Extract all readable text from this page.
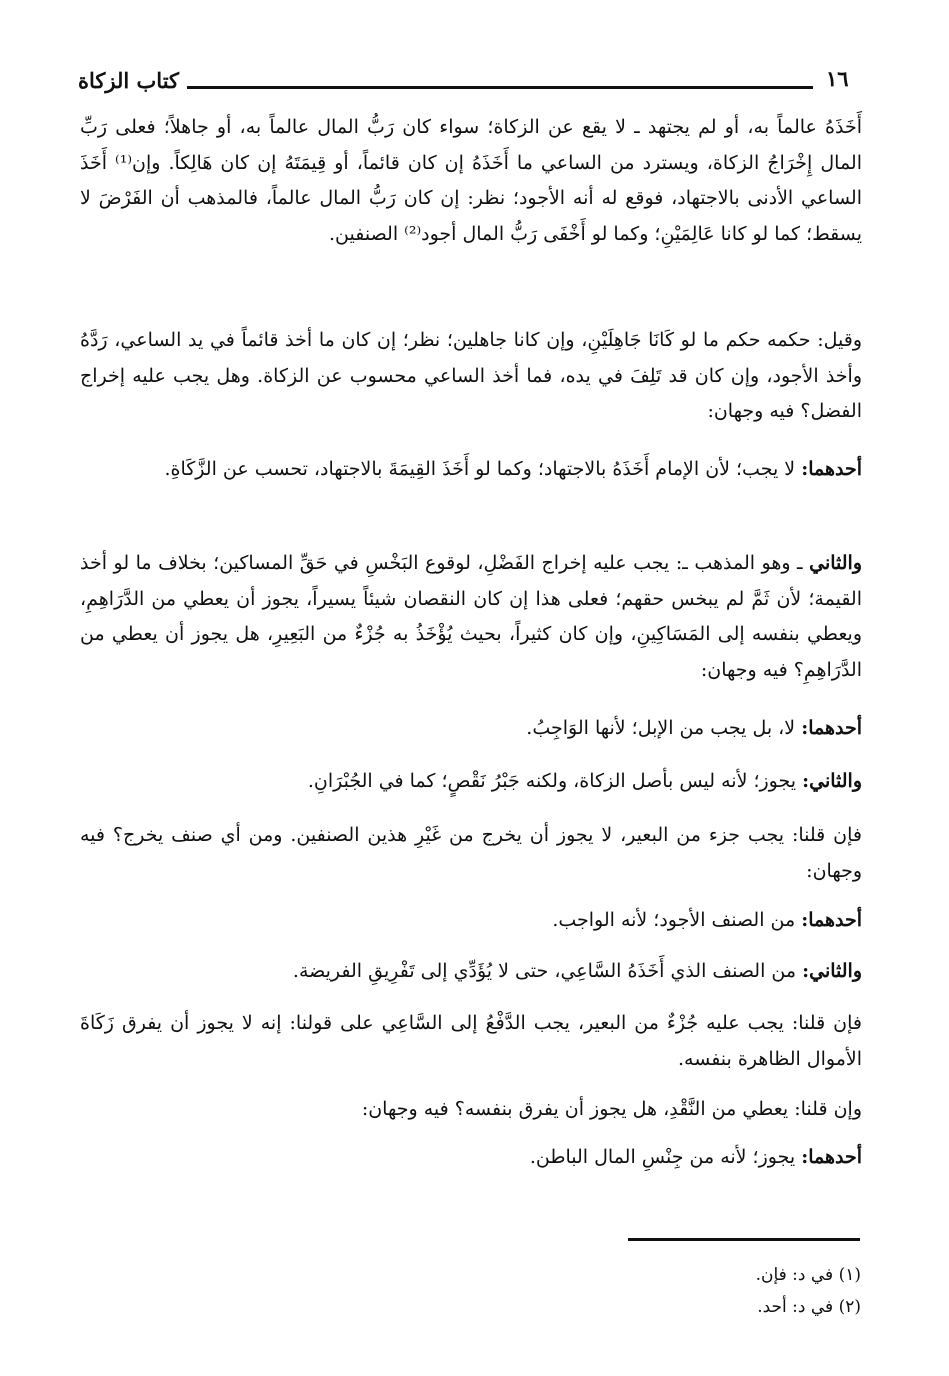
١٦
كتاب الزكاة

أَخَذَهُ عالماً به، أو لم يجتهد ـ لا يقع عن الزكاة؛ سواء كان رَبُّ المال عالماً به، أو جاهلاً؛ فعلى رَبِّ المال إِخْرَاجُ الزكاة، ويسترد من الساعي ما أَخَذَهُ إن كان قائماً، أو قِيمَتَهُ إن كان هَالِكاً. وإن⁽¹⁾ أَخَذَ الساعي الأدنى بالاجتهاد، فوقع له أنه الأجود؛ نظر: إن كان رَبُّ المال عالماً، فالمذهب أن الفَرْضَ لا يسقط؛ كما لو كانا عَالِمَيْنِ؛ وكما لو أَخْفَى رَبُّ المال أجود⁽²⁾ الصنفين.

وقيل: حكمه حكم ما لو كَانَا جَاهِلَيْنِ، وإن كانا جاهلين؛ نظر؛ إن كان ما أخذ قائماً في يد الساعي، رَدَّهُ وأخذ الأجود، وإن كان قد تَلِفَ في يده، فما أخذ الساعي محسوب عن الزكاة. وهل يجب عليه إخراج الفضل؟ فيه وجهان:

أحدهما: لا يجب؛ لأن الإمام أَخَذَهُ بالاجتهاد؛ وكما لو أَخَذَ القِيمَةَ بالاجتهاد، تحسب عن الزَّكَاةِ.

والثاني ـ وهو المذهب ـ: يجب عليه إخراج الفَضْلِ، لوقوع البَخْسِ في حَقِّ المساكين؛ بخلاف ما لو أخذ القيمة؛ لأن ثَمَّ لم يبخس حقهم؛ فعلى هذا إن كان النقصان شيئاً يسيراً، يجوز أن يعطي من الدَّرَاهِمِ، ويعطي بنفسه إلى المَسَاكِينِ، وإن كان كثيراً، بحيث يُؤْخَذُ به جُزْءٌ من البَعِيرِ، هل يجوز أن يعطي من الدَّرَاهِمِ؟ فيه وجهان:

أحدهما: لا، بل يجب من الإبل؛ لأنها الوَاجِبُ.

والثاني: يجوز؛ لأنه ليس بأصل الزكاة، ولكنه جَبْرُ نَقْصٍ؛ كما في الجُبْرَانِ.

فإن قلنا: يجب جزء من البعير، لا يجوز أن يخرج من غَيْرِ هذين الصنفين. ومن أي صنف يخرج؟ فيه وجهان:

أحدهما: من الصنف الأجود؛ لأنه الواجب.

والثاني: من الصنف الذي أَخَذَهُ السَّاعِي، حتى لا يُؤَدِّي إلى تَفْرِيقِ الفريضة.

فإن قلنا: يجب عليه جُزْءٌ من البعير، يجب الدَّفْعُ إلى السَّاعِي على قولنا: إنه لا يجوز أن يفرق زَكَاةَ الأموال الظاهرة بنفسه.

وإن قلنا: يعطي من النَّقْدِ، هل يجوز أن يفرق بنفسه؟ فيه وجهان:

أحدهما: يجوز؛ لأنه من جِنْسِ المال الباطن.

(١) في د: فإن.
(٢) في د: أحد.
